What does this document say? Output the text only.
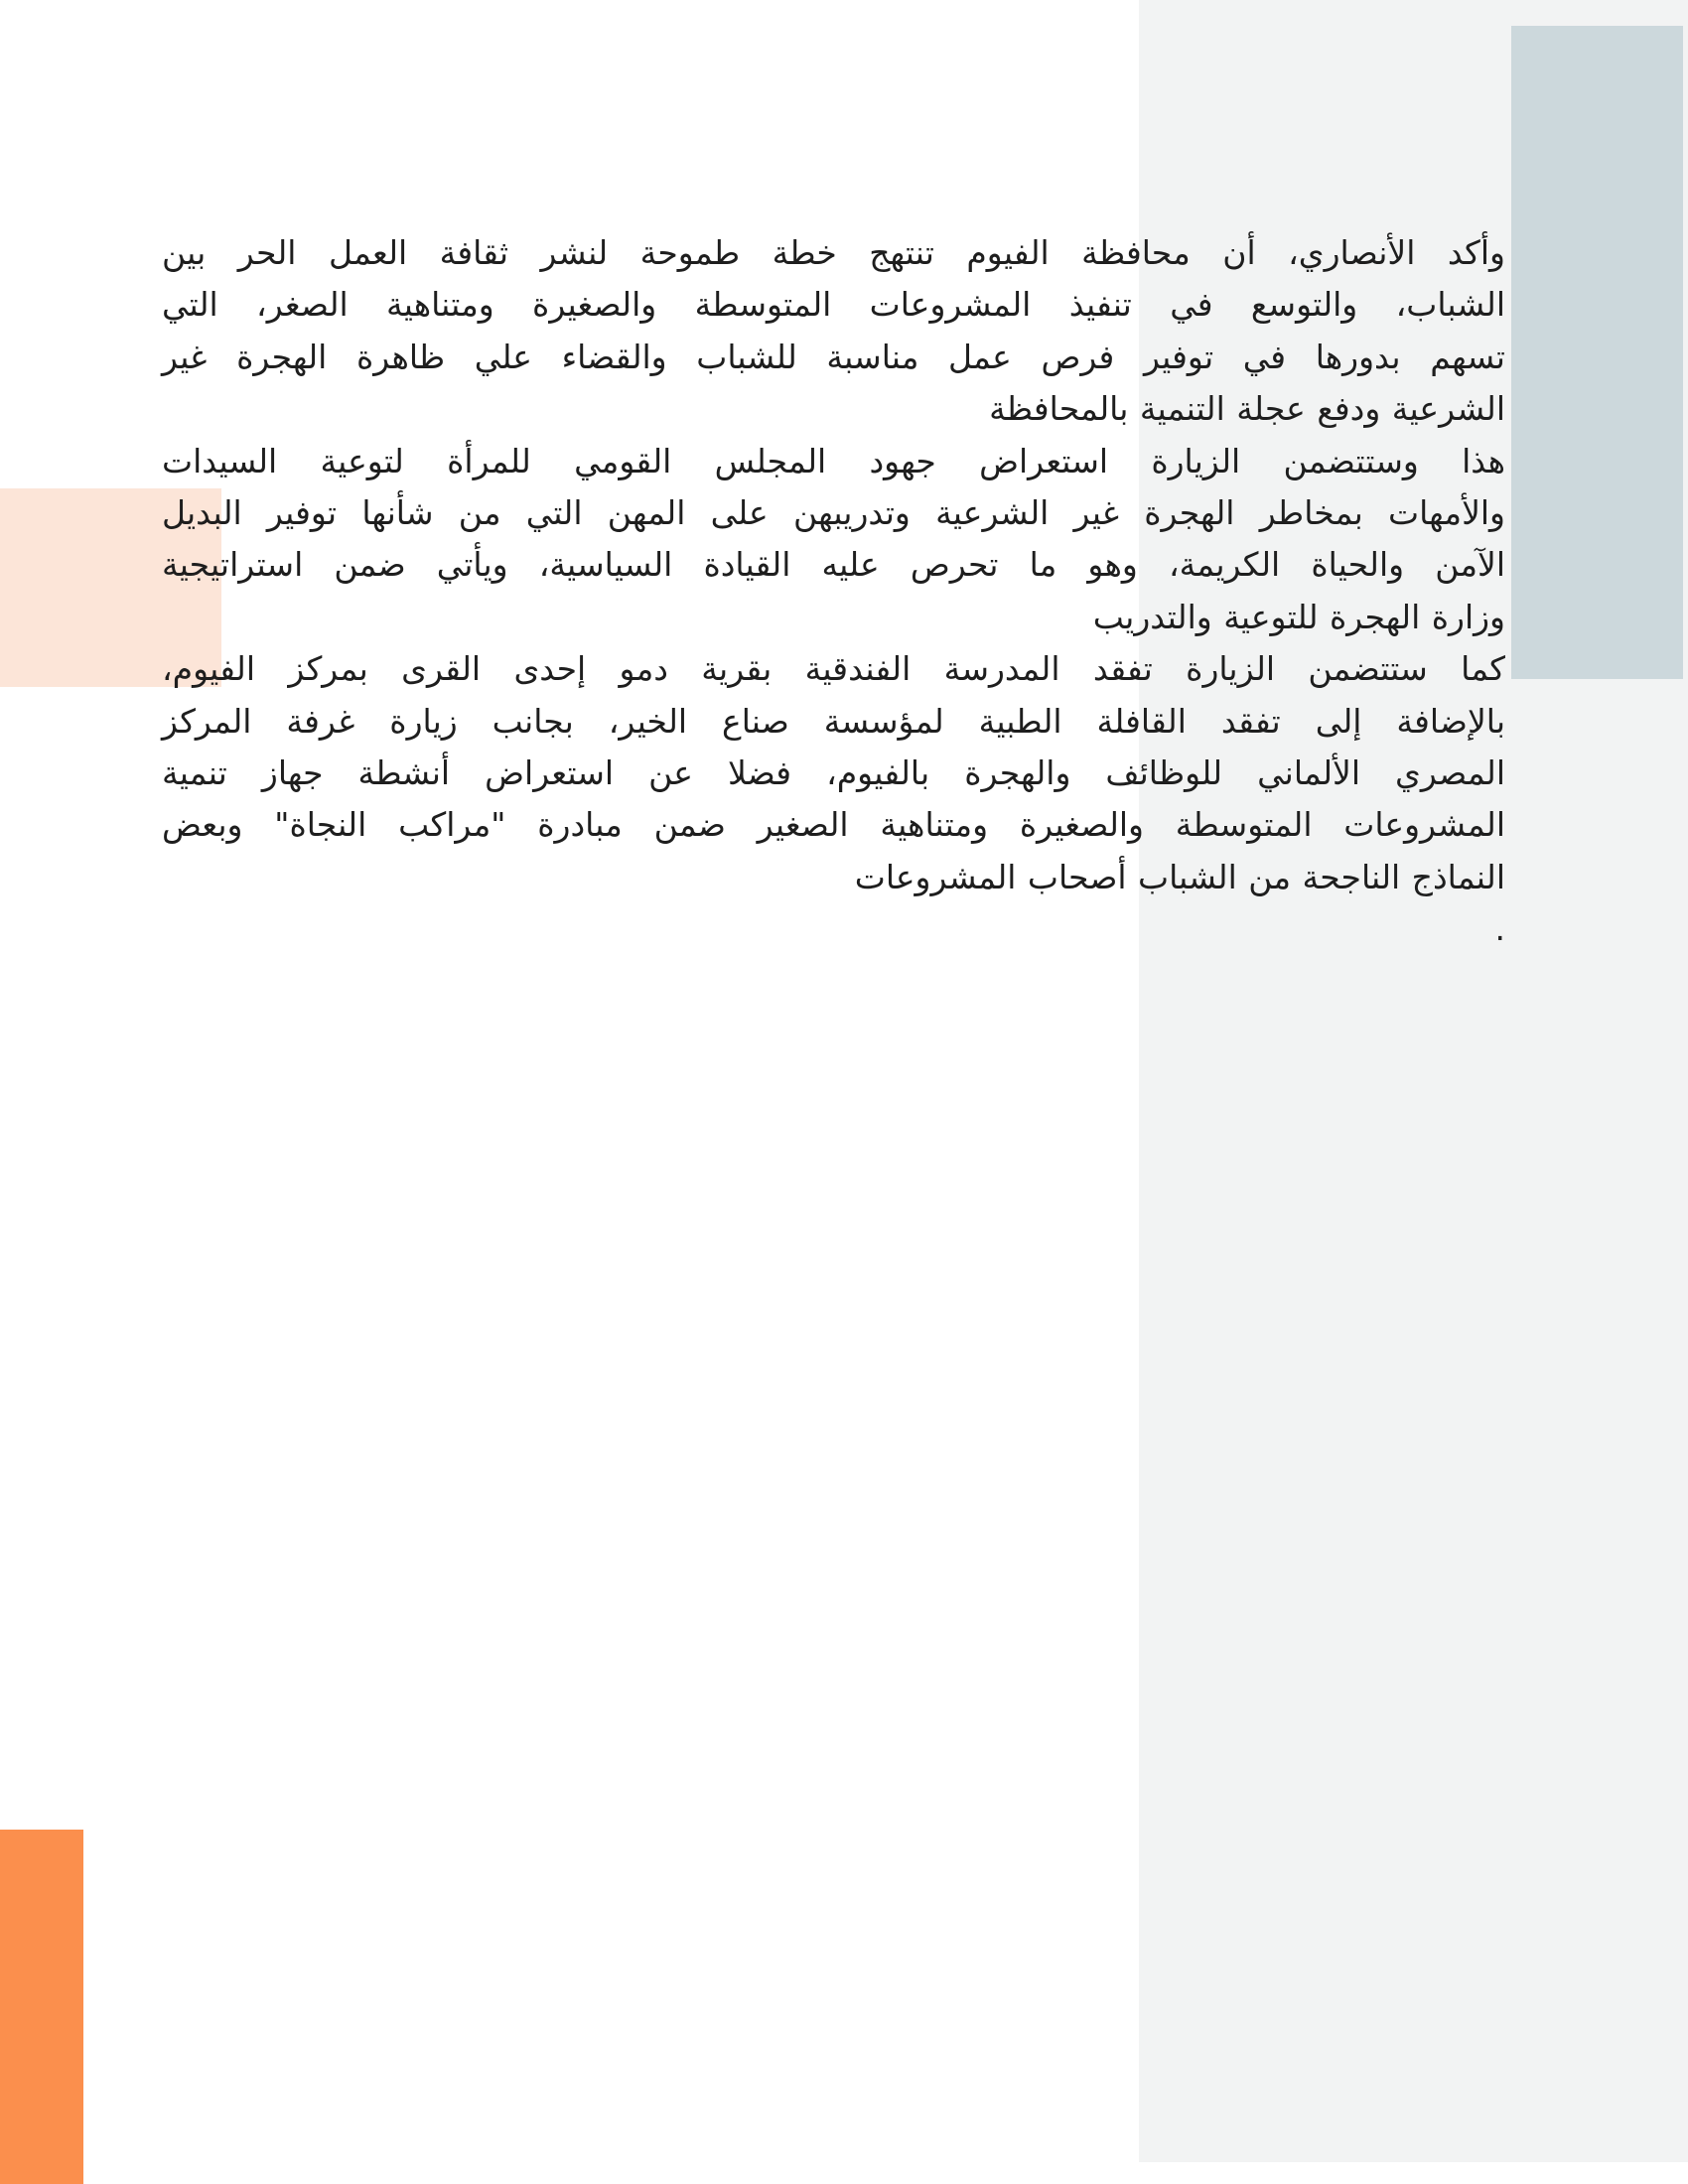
وأكد الأنصاري، أن محافظة الفيوم تنتهج خطة طموحة لنشر ثقافة العمل الحر بين
الشباب، والتوسع في تنفيذ المشروعات المتوسطة والصغيرة ومتناهية الصغر، التي
تسهم بدورها في توفير فرص عمل مناسبة للشباب والقضاء علي ظاهرة الهجرة غير
الشرعية ودفع عجلة التنمية بالمحافظة
هذا وستتضمن الزيارة استعراض جهود المجلس القومي للمرأة لتوعية السيدات
والأمهات بمخاطر الهجرة غير الشرعية وتدريبهن على المهن التي من شأنها توفير البديل
الآمن والحياة الكريمة، وهو ما تحرص عليه القيادة السياسية، ويأتي ضمن استراتيجية
وزارة الهجرة للتوعية والتدريب
كما ستتضمن الزيارة تفقد المدرسة الفندقية بقرية دمو إحدى القرى بمركز الفيوم،
بالإضافة إلى تفقد القافلة الطبية لمؤسسة صناع الخير، بجانب زيارة غرفة المركز
المصري الألماني للوظائف والهجرة بالفيوم، فضلا عن استعراض أنشطة جهاز تنمية
المشروعات المتوسطة والصغيرة ومتناهية الصغير ضمن مبادرة "مراكب النجاة" وبعض
النماذج الناجحة من الشباب أصحاب المشروعات
.
